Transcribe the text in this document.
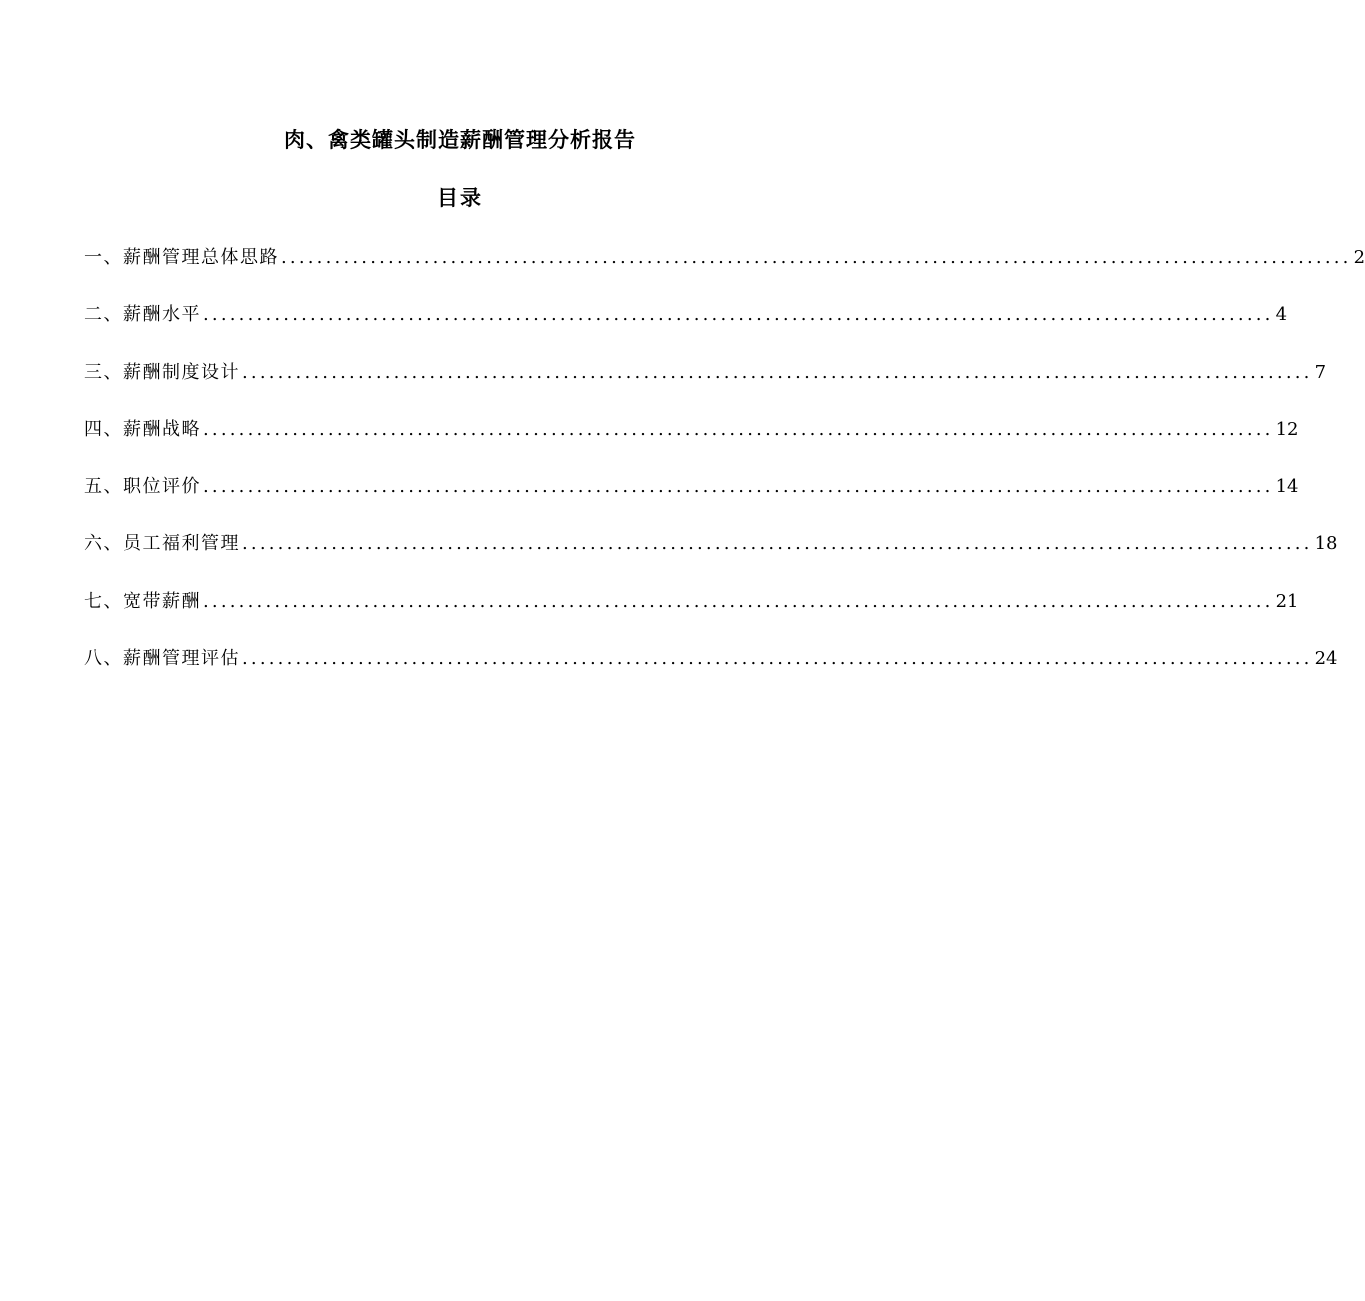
肉、禽类罐头制造薪酬管理分析报告
目录
一、薪酬管理总体思路 ........................................................................................................................ 2
二、薪酬水平 ........................................................................................................................ 4
三、薪酬制度设计 ........................................................................................................................ 7
四、薪酬战略 ........................................................................................................................ 12
五、职位评价 ........................................................................................................................ 14
六、员工福利管理 ........................................................................................................................ 18
七、宽带薪酬 ........................................................................................................................ 21
八、薪酬管理评估 ........................................................................................................................ 24
